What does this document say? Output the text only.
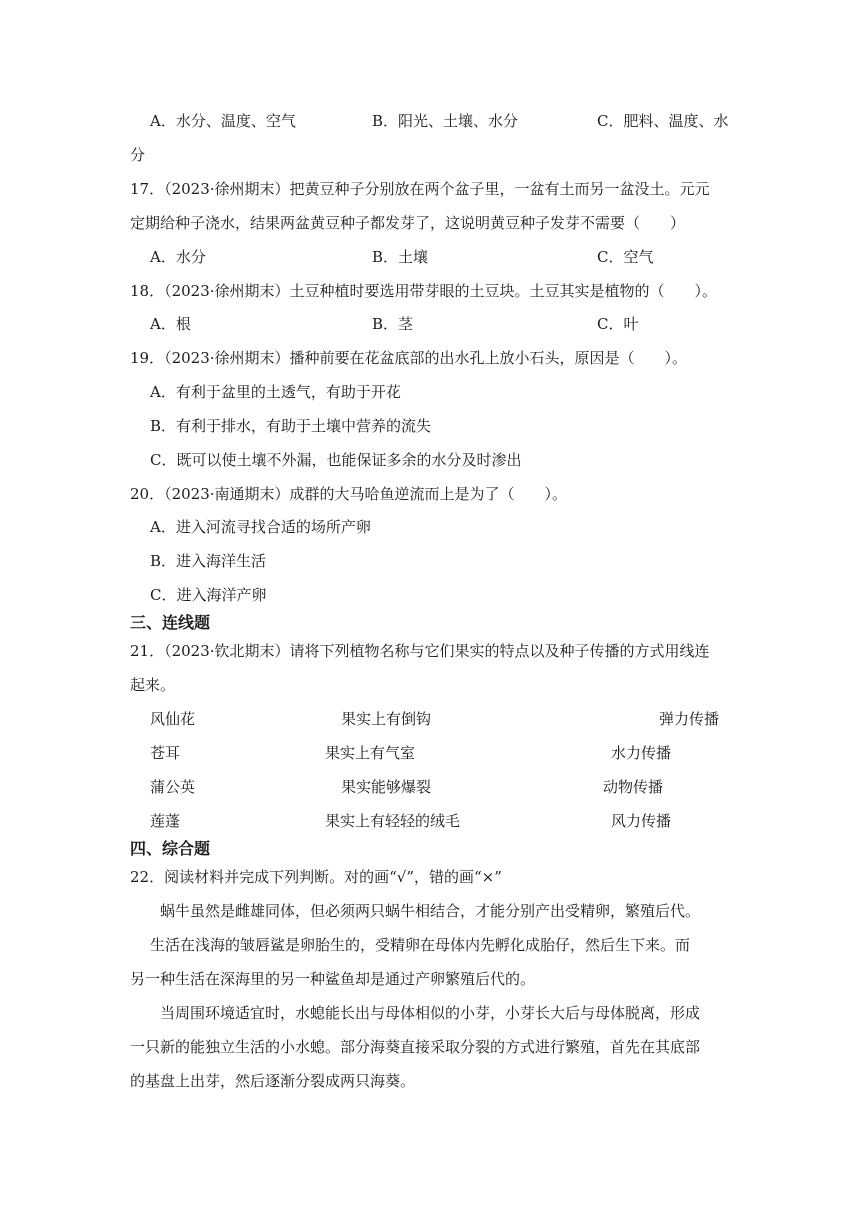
A．水分、温度、空气	B．阳光、土壤、水分	C．肥料、温度、水
分
17．（2023·徐州期末）把黄豆种子分别放在两个盆子里，一盆有土而另一盆没土。元元
定期给种子浇水，结果两盆黄豆种子都发芽了，这说明黄豆种子发芽不需要（　　）
A．水分	B．土壤	C．空气
18．（2023·徐州期末）土豆种植时要选用带芽眼的土豆块。土豆其实是植物的（　　）。
A．根	B．茎	C．叶
19．（2023·徐州期末）播种前要在花盆底部的出水孔上放小石头，原因是（　　）。
A．有利于盆里的土透气，有助于开花
B．有利于排水，有助于土壤中营养的流失
C．既可以使土壤不外漏，也能保证多余的水分及时渗出
20．（2023·南通期末）成群的大马哈鱼逆流而上是为了（　　）。
A．进入河流寻找合适的场所产卵
B．进入海洋生活
C．进入海洋产卵
三、连线题
21．（2023·钦北期末）请将下列植物名称与它们果实的特点以及种子传播的方式用线连
起来。
风仙花	果实上有倒钩	弹力传播
苍耳	果实上有气室	水力传播
蒲公英	果实能够爆裂	动物传播
莲蓬	果实上有轻轻的绒毛	风力传播
四、综合题
22．阅读材料并完成下列判断。对的画“√”，错的画“×”
蜗牛虽然是雌雄同体，但必须两只蜗牛相结合，才能分别产出受精卵，繁殖后代。
生活在浅海的皱唇鲨是卵胎生的，受精卵在母体内先孵化成胎仔，然后生下来。而
另一种生活在深海里的另一种鲨鱼却是通过产卵繁殖后代的。
当周围环境适宜时，水螅能长出与母体相似的小芽，小芽长大后与母体脱离，形成
一只新的能独立生活的小水螅。部分海葵直接采取分裂的方式进行繁殖，首先在其底部
的基盘上出芽，然后逐渐分裂成两只海葵。
